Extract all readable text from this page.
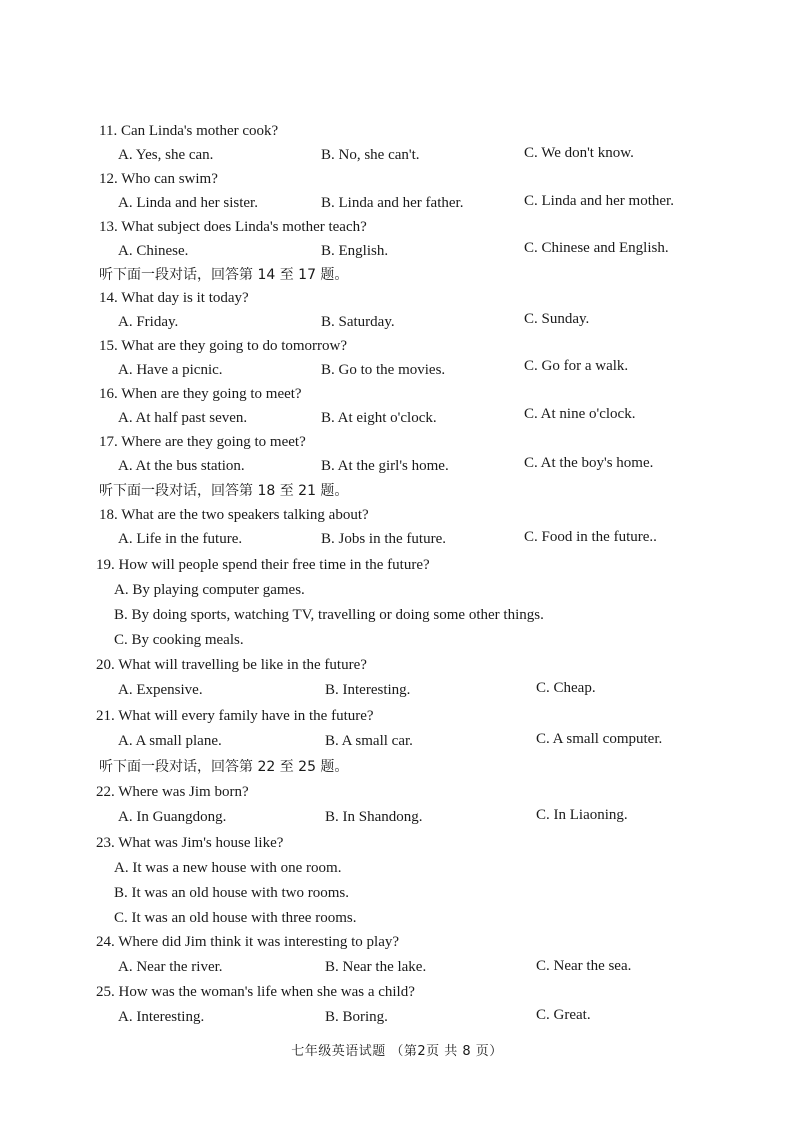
11. Can Linda's mother cook?
A. Yes, she can.	B. No, she can't.	C. We don't know.
12. Who can swim?
A. Linda and her sister.	B. Linda and her father.	C. Linda and her mother.
13. What subject does Linda's mother teach?
A. Chinese.	B. English.	C. Chinese and English.
听下面一段对话，回答第 14 至 17 题。
14. What day is it today?
A. Friday.	B. Saturday.	C. Sunday.
15. What are they going to do tomorrow?
A. Have a picnic.	B. Go to the movies.	C. Go for a walk.
16. When are they going to meet?
A. At half past seven.	B. At eight o'clock.	C. At nine o'clock.
17. Where are they going to meet?
A. At the bus station.	B. At the girl's home.	C. At the boy's home.
听下面一段对话，回答第 18 至 21 题。
18. What are the two speakers talking about?
A. Life in the future.	B. Jobs in the future.	C. Food in the future..
19. How will people spend their free time in the future?
A. By playing computer games.
B. By doing sports, watching TV, travelling or doing some other things.
C. By cooking meals.
20. What will travelling be like in the future?
A. Expensive.	B. Interesting.	C. Cheap.
21. What will every family have in the future?
A. A small plane.	B. A small car.	C. A small computer.
听下面一段对话，回答第 22 至 25 题。
22. Where was Jim born?
A. In Guangdong.	B. In Shandong.	C. In Liaoning.
23. What was Jim's house like?
A. It was a new house with one room.
B. It was an old house with two rooms.
C. It was an old house with three rooms.
24. Where did Jim think it was interesting to play?
A. Near the river.	B. Near the lake.	C. Near the sea.
25. How was the woman's life when she was a child?
A. Interesting.	B. Boring.	C. Great.
七年级英语试题 （第2页 共 8 页）
